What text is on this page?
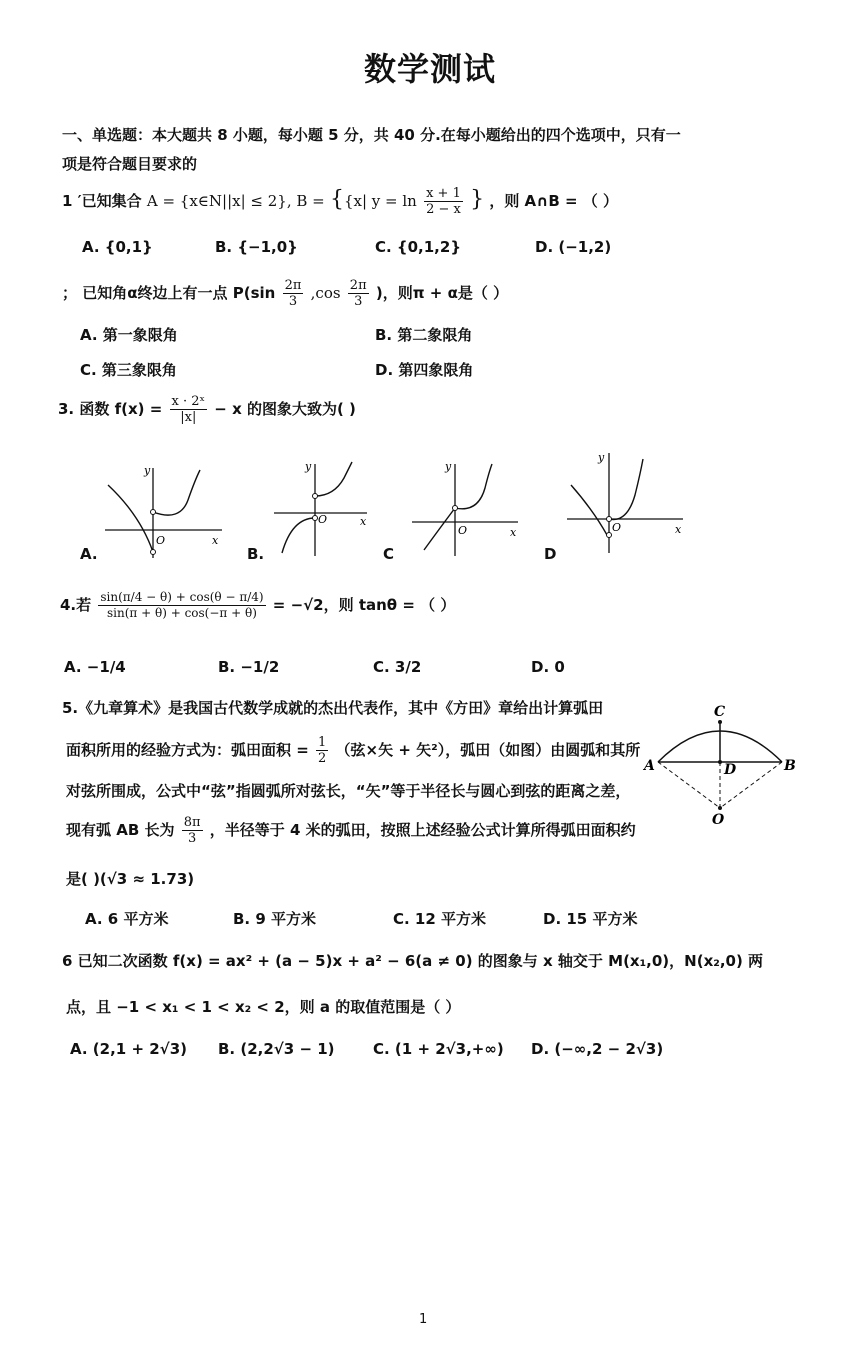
数学测试
一、单选题：本大题共 8 小题，每小题 5 分，共 40 分.在每小题给出的四个选项中，只有一
项是符合题目要求的
1 ′已知集合 A = {x∈N||x| ≤ 2}, B = {{x| $y = \ln \frac{x + 1}{2 - x}$ } ，则 A∩B = （ ）
A. {0,1}	B. {−1,0}	C. {0,1,2}	D. (−1,2)
； 已知角α终边上有一点 $P(\sin \frac{2\pi}{3} ,\cos \frac{2\pi}{3}$ )，则π + α是（ ）
A. 第一象限角	B. 第二象限角
C. 第三象限角	D. 第四象限角
3. 函数 $f(x) = \frac{\text{x · 2ˣ}}{|x|} - x$ 的图象大致为( )
y
x
O
A.
y
x
O
B.
y
x
O
C
y
x
O
D
4.若 $\frac{\sin(\pi/4 - \theta) + \cos(\theta - \pi/4)}{\sin(\pi + \theta) + \cos(-\pi + \theta)} = -√2$，则 tanθ = （ ）
A. −1/4	B. −1/2	C. 3/2	D. 0
5.《九章算术》是我国古代数学成就的杰出代表作，其中《方田》章给出计算弧田
面积所用的经验方式为：弧田面积 = $\frac{1}{2}$ （弦×矢 + 矢²），弧田（如图）由圆弧和其所
对弦所围成，公式中“弦”指圆弧所对弦长，“矢”等于半径长与圆心到弦的距离之差，
现有弧 AB 长为 $\frac{8\pi}{3}$ ，半径等于 4 米的弧田，按照上述经验公式计算所得弧田面积约
是( )(√3 ≈ 1.73)
A. 6 平方米	B. 9 平方米	C. 12 平方米	D. 15 平方米
C
A	B
D
O
6 已知二次函数 f(x) = ax² + (a − 5)x + a² − 6(a ≠ 0) 的图象与 x 轴交于 M(x₁,0)，N(x₂,0) 两
点，且 −1 < x₁ < 1 < x₂ < 2，则 a 的取值范围是（ ）
A. (2,1 + 2√3) B. (2,2√3 − 1)	C. (1 + 2√3,+∞) D. (−∞,2 − 2√3)
1
